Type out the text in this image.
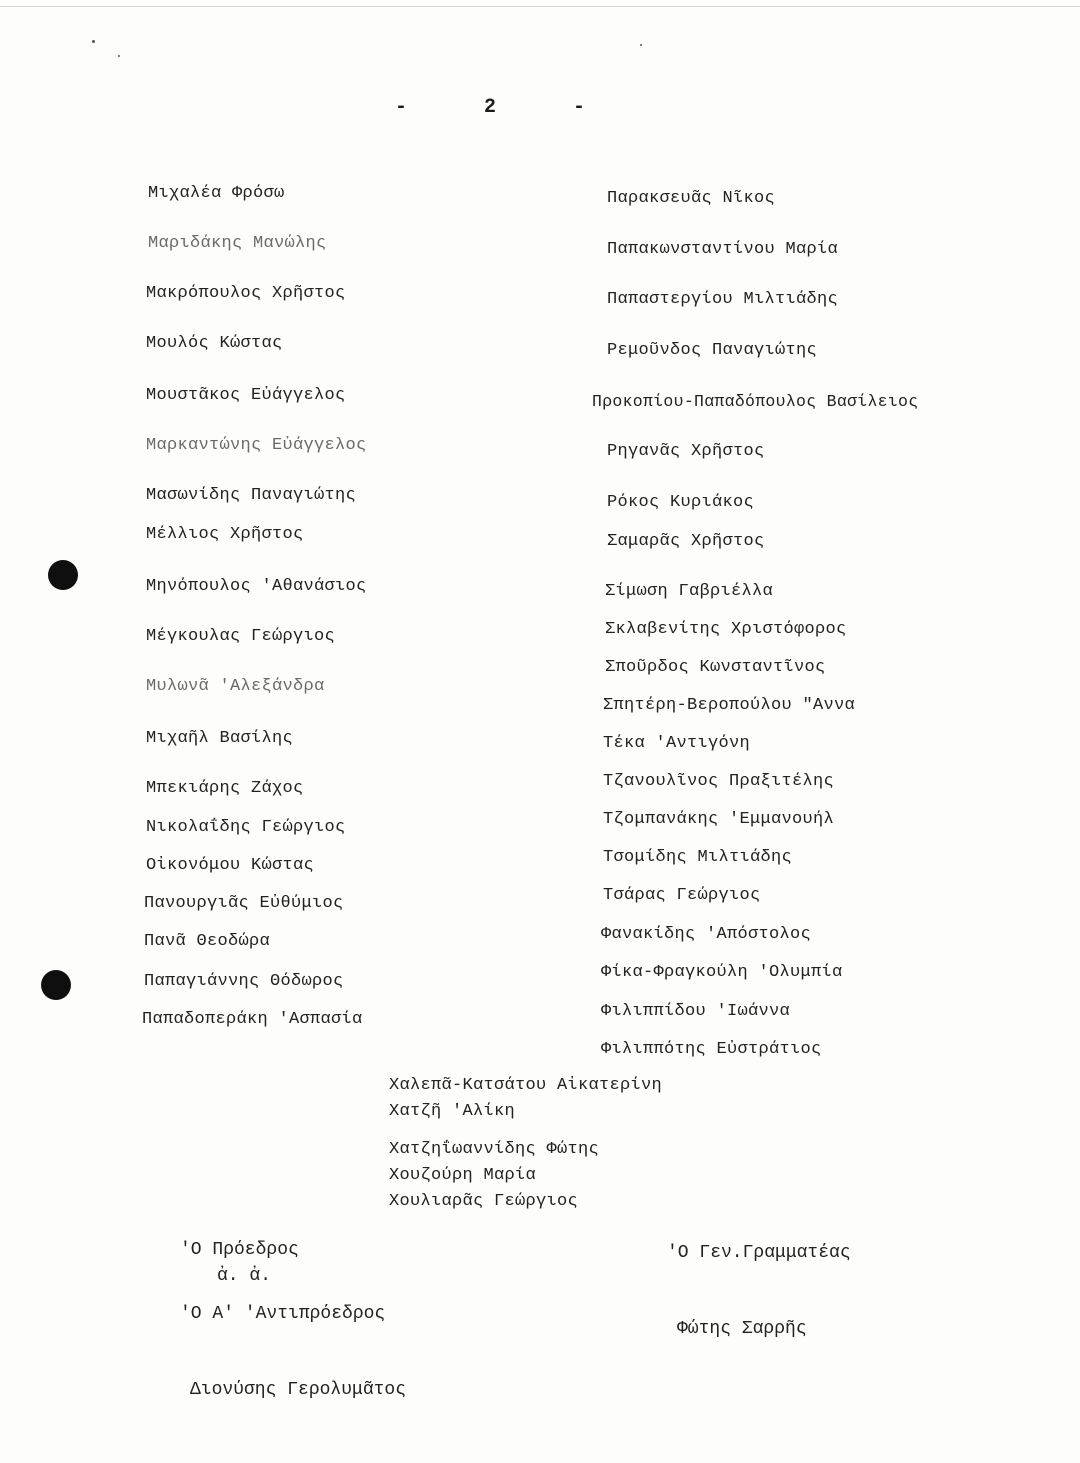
-	2	-
Μιχαλέα Φρόσω
Μαριδάκης Μανώλης
Μακρόπουλος Χρῆστος
Μουλός Κώστας
Μουστᾶκος Εὐάγγελος
Μαρκαντώνης Εὐάγγελος
Μασωνίδης Παναγιώτης
Μέλλιος Χρῆστος
Μηνόπουλος 'Αθανάσιος
Μέγκουλας Γεώργιος
Μυλωνᾶ 'Αλεξάνδρα
Μιχαῆλ Βασίλης
Μπεκιάρης Ζάχος
Νικολαΐδης Γεώργιος
Οἰκονόμου Κώστας
Πανουργιᾶς Εὐθύμιος
Πανᾶ Θεοδώρα
Παπαγιάννης Θόδωρος
Παπαδοπεράκη 'Ασπασία
Παρακσευᾶς Νῖκος
Παπακωνσταντίνου Μαρία
Παπαστεργίου Μιλτιάδης
Ρεμοῦνδος Παναγιώτης
Προκοπίου-Παπαδόπουλος Βασίλειος
Ρηγανᾶς Χρῆστος
Ρόκος Κυριάκος
Σαμαρᾶς Χρῆστος
Σίμωση Γαβριέλλα
Σκλαβενίτης Χριστόφορος
Σποῦρδος Κωνσταντῖνος
Σπητέρη-Βεροπούλου "Αννα
Τέκα 'Αντιγόνη
Τζανουλῖνος Πραξιτέλης
Τζομπανάκης 'Εμμανουήλ
Τσομίδης Μιλτιάδης
Τσάρας Γεώργιος
Φανακίδης 'Απόστολος
Φίκα-Φραγκούλη 'Ολυμπία
Φιλιππίδου 'Ιωάννα
Φιλιππότης Εὐστράτιος
Χαλεπᾶ-Κατσάτου Αἰκατερίνη
Χατζῆ 'Αλίκη
Χατζηΐωαννίδης Φώτης
Χουζούρη Μαρία
Χουλιαρᾶς Γεώργιος
'Ο Πρόεδρος
ἀ. ἀ.
'Ο Α' 'Αντιπρόεδρος
Διονύσης Γερολυμᾶτος
'Ο Γεν.Γραμματέας
Φώτης Σαρρῆς
